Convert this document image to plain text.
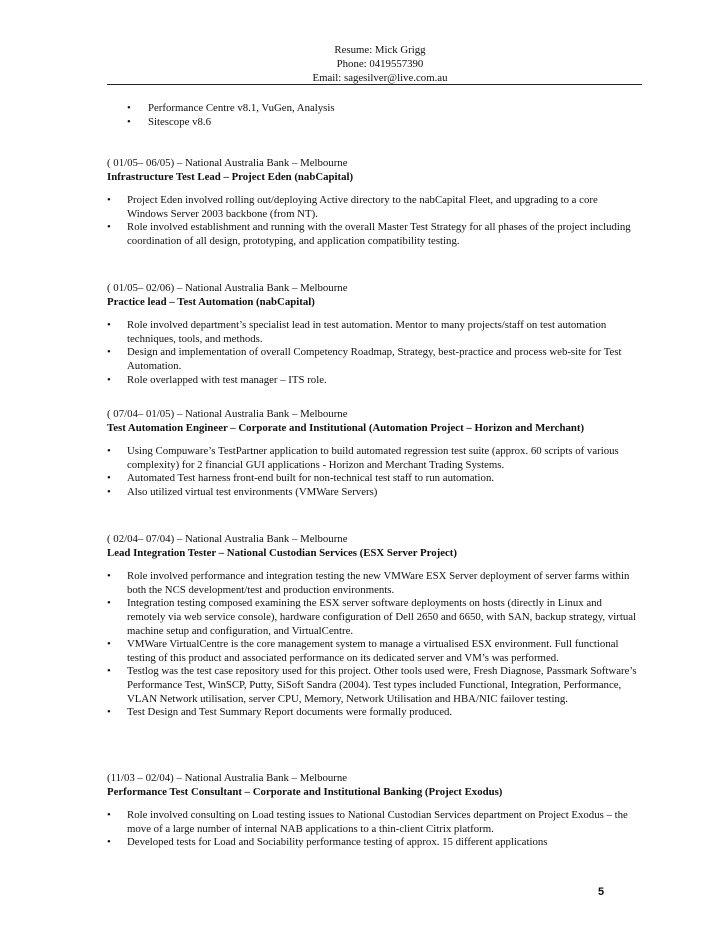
Resume: Mick Grigg
Phone: 0419557390
Email: sagesilver@live.com.au
• Performance Centre v8.1, VuGen, Analysis
• Sitescope v8.6
( 01/05– 06/05) – National Australia Bank – Melbourne
Infrastructure Test Lead – Project Eden (nabCapital)
• Project Eden involved rolling out/deploying Active directory to the nabCapital Fleet, and upgrading to a core Windows Server 2003 backbone (from NT).
• Role involved establishment and running with the overall Master Test Strategy for all phases of the project including coordination of all design, prototyping, and application compatibility testing.
( 01/05– 02/06) – National Australia Bank – Melbourne
Practice lead – Test Automation (nabCapital)
• Role involved department’s specialist lead in test automation. Mentor to many projects/staff on test automation techniques, tools, and methods.
• Design and implementation of overall Competency Roadmap, Strategy, best-practice and process web-site for Test Automation.
• Role overlapped with test manager – ITS role.
( 07/04– 01/05) – National Australia Bank – Melbourne
Test Automation Engineer – Corporate and Institutional (Automation Project – Horizon and Merchant)
• Using Compuware’s TestPartner application to build automated regression test suite (approx. 60 scripts of various complexity) for 2 financial GUI applications - Horizon and Merchant Trading Systems.
• Automated Test harness front-end built for non-technical test staff to run automation.
• Also utilized virtual test environments (VMWare Servers)
( 02/04– 07/04) – National Australia Bank – Melbourne
Lead Integration Tester – National Custodian Services (ESX Server Project)
• Role involved performance and integration testing the new VMWare ESX Server deployment of server farms within both the NCS development/test and production environments.
• Integration testing composed examining the ESX server software deployments on hosts (directly in Linux and remotely via web service console), hardware configuration of Dell 2650 and 6650, with SAN, backup strategy, virtual machine setup and configuration, and VirtualCentre.
• VMWare VirtualCentre is the core management system to manage a virtualised ESX environment. Full functional testing of this product and associated performance on its dedicated server and VM’s was performed.
• Testlog was the test case repository used for this project. Other tools used were, Fresh Diagnose, Passmark Software’s Performance Test, WinSCP, Putty, SiSoft Sandra (2004). Test types included Functional, Integration, Performance, VLAN Network utilisation, server CPU, Memory, Network Utilisation and HBA/NIC failover testing.
• Test Design and Test Summary Report documents were formally produced.
(11/03 – 02/04) – National Australia Bank – Melbourne
Performance Test Consultant – Corporate and Institutional Banking (Project Exodus)
• Role involved consulting on Load testing issues to National Custodian Services department on Project Exodus – the move of a large number of internal NAB applications to a thin-client Citrix platform.
• Developed tests for Load and Sociability performance testing of approx. 15 different applications
5
